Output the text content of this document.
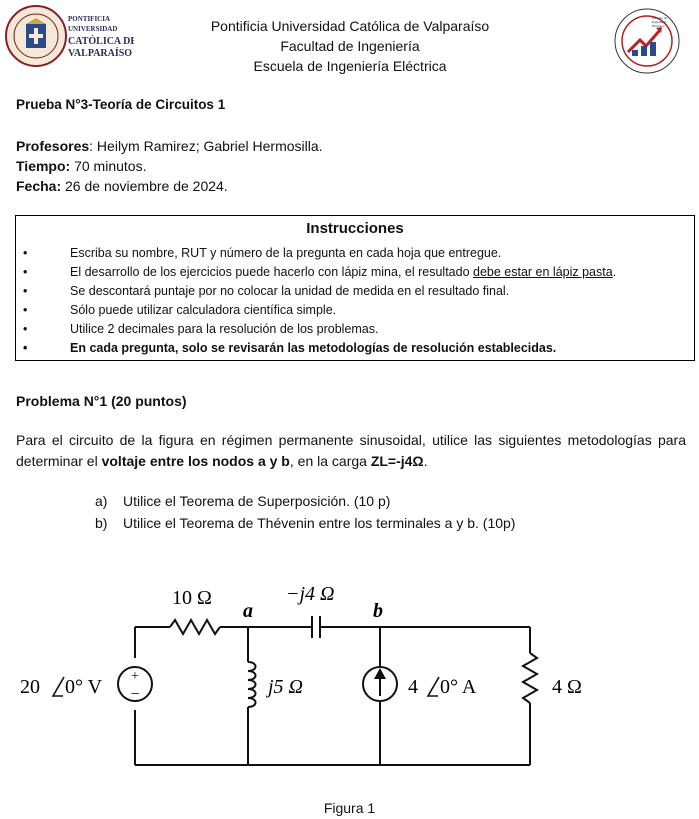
PONTIFICIA
UNIVERSIDAD
CATÓLICA DE
VALPARAÍSO
Pontificia Universidad Católica de Valparaíso
Facultad de Ingeniería
Escuela de Ingeniería Eléctrica
Escuela de
Ingeniería
Eléctrica
Prueba N°3-Teoría de Circuitos 1
Profesores: Heilym Ramirez; Gabriel Hermosilla.
Tiempo: 70 minutos.
Fecha: 26 de noviembre de 2024.
Instrucciones
•	Escriba su nombre, RUT y número de la pregunta en cada hoja que entregue.
•	El desarrollo de los ejercicios puede hacerlo con lápiz mina, el resultado debe estar en lápiz pasta.
•	Se descontará puntaje por no colocar la unidad de medida en el resultado final.
•	Sólo puede utilizar calculadora científica simple.
•	Utilice 2 decimales para la resolución de los problemas.
•	En cada pregunta, solo se revisarán las metodologías de resolución establecidas.
Problema N°1 (20 puntos)
Para el circuito de la figura en régimen permanente sinusoidal, utilice las siguientes metodologías para determinar el voltaje entre los nodos a y b, en la carga ZL=-j4Ω.
a) Utilice el Teorema de Superposición. (10 p)
b) Utilice el Teorema de Thévenin entre los terminales a y b. (10p)
+
−
10 Ω	−j4 Ω
a	b
20 0° V	j5 Ω	4 0° A	4 Ω
Figura 1
